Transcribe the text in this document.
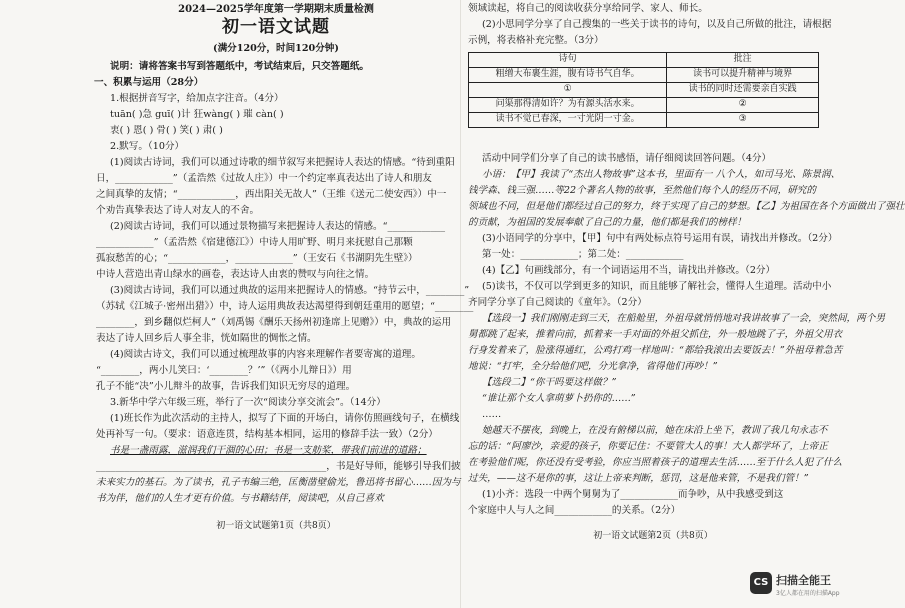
2024—2025学年度第一学期期末质量检测
初一语文试题
(满分120分，时间120分钟)
说明：请将答案书写到答题纸中，考试结束后，只交答题纸。
一、积累与运用（28分）
1.根据拼音写字，给加点字注音。（4分）
tuān( )急 guī( )计 狂wàng( ) 璀 càn( )
衷( ) 恩( ) 骨( ) 笑( ) 肃( )
2.默写。（10分）
(1)阅读古诗词，我们可以通过诗歌的细节叙写来把握诗人表达的情感。“待到重阳
日，____________”（孟浩然《过故人庄》）中一个约定率真表达出了诗人和朋友
之间真挚的友情；“____________，西出阳关无故人”（王维《送元二使安西》）中一
个劝告真挚表达了诗人对友人的不舍。
(2)阅读古诗词，我们可以通过景物描写来把握诗人表达的情感。“____________
____________”（孟浩然《宿建德江》）中诗人用旷野、明月来抚慰自己那颗
孤寂愁苦的心；“____________，____________”（王安石《书湖阴先生壁》）
中诗人营造出青山绿水的画卷，表达诗人由衷的赞叹与向往之情。
(3)阅读古诗词，我们可以通过典故的运用来把握诗人的情感。“持节云中，________”
（苏轼《江城子·密州出猎》）中，诗人运用典故表达渴望得到朝廷重用的愿望；“________
________，到乡翻似烂柯人”（刘禹锡《酬乐天扬州初逢席上见赠》）中，典故的运用
表达了诗人回乡后人事全非，恍如隔世的惆怅之情。
(4)阅读古诗文，我们可以通过梳理故事的内容来理解作者要寄寓的道理。
“________，两小儿笑曰：‘________？’”（《两小儿辩日》）用
孔子不能“决”小儿辩斗的故事，告诉我们知识无穷尽的道理。
3.新华中学六年级三班，举行了一次“阅读分享交流会”。（14分）
(1)班长作为此次活动的主持人，拟写了下面的开场白，请你仿照画线句子，在横线
处再补写一句。（要求：语意连贯，结构基本相同，运用的修辞手法一致）（2分）
书是一盏雨露，滋润我们干涸的心田；书是一支舫桨，带我们前进的道路；
________________________________________________，书是好导师，能够引导我们披
未来实力的基石。为了读书，孔子韦编三绝，匡衡凿壁偷光，鲁迅将书留心……因为与
书为伴，他们的人生才更有价值。与书籍结伴，阅读吧，从自己喜欢
初一语文试题第1页（共8页）
领域读起，将自己的阅读收获分享给同学、家人、师长。
(2)小思同学分享了自己搜集的一些关于读书的诗句，以及自己所做的批注，请根据
示例，将表格补充完整。（3分）
诗句	批注
粗缯大布裹生涯，腹有诗书气自华。	读书可以提升精神与境界
①	读书的同时还需要亲自实践
问渠那得清如许？为有源头活水来。	②
读书不觉已春深，一寸光阴一寸金。	③
活动中同学们分享了自己的读书感悟，请仔细阅读回答问题。（4分）
小语：【甲】我读了“杰出人物故事”这本书，里面有一 八个人，如司马光、陈景润、
钱学森、钱三强……等22个著名人物的故事，至然他们每个人的经历不同，研究的
领域也不同，但是他们都经过自己的努力，终于实现了自己的梦想。【乙】为祖国在各个方面做出了强壮
的贡献，为祖国的发展奉献了自己的力量，他们都是我们的榜样！
(3)小语同学的分享中，【甲】句中有两处标点符号运用有误，请找出并修改。（2分）
第一处：____________；第二处：____________
(4)【乙】句画线部分，有一个词语运用不当，请找出并修改。（2分）
(5)读书，不仅可以学到更多的知识，而且能够了解社会，懂得人生道理。活动中小
齐同学分享了自己阅读的《童年》。（2分）
【选段一】我们刚刚走到三天，在船舱里，外祖母就悄悄地对我讲故事了一会，突然间，两个男
舅都跳了起来，推着向前，抓着来一手对面的外祖父抓住，外一般地跳了子，外祖父用衣
行身发着来了，脸涨得通红，公鸡打鸡一样地叫：“都给我滚出去要饭去！”外祖母着急苦
地说：“打牢，全分给他们吧，分光拿净，省得他们再吵！”
【选段二】“你干吗要这样做？”
“谁让那个女人拿萌萝卜扔你的……”
……
她越天不摆夜，到晚上，在没有俯梯以前，她在床沿上坐下，教训了我几句永志不
忘的话：“阿廖沙，亲爱的孩子，你要记住：不要管大人的事！大人都学坏了，上帝正
在考验他们呢，你还没有受考验，你应当照着孩子的道理去生活……至于什么人犯了什么
过失，——这不是你的事，这让上帝来判断，惩罚，这是他来管，不是我们管！”
(1)小齐：选段一中两个舅舅为了____________而争吵，从中我感受到这
个家庭中人与人之间____________的关系。（2分）
初一语文试题第2页（共8页）
CS 扫描全能王
3亿人都在用的扫描App
